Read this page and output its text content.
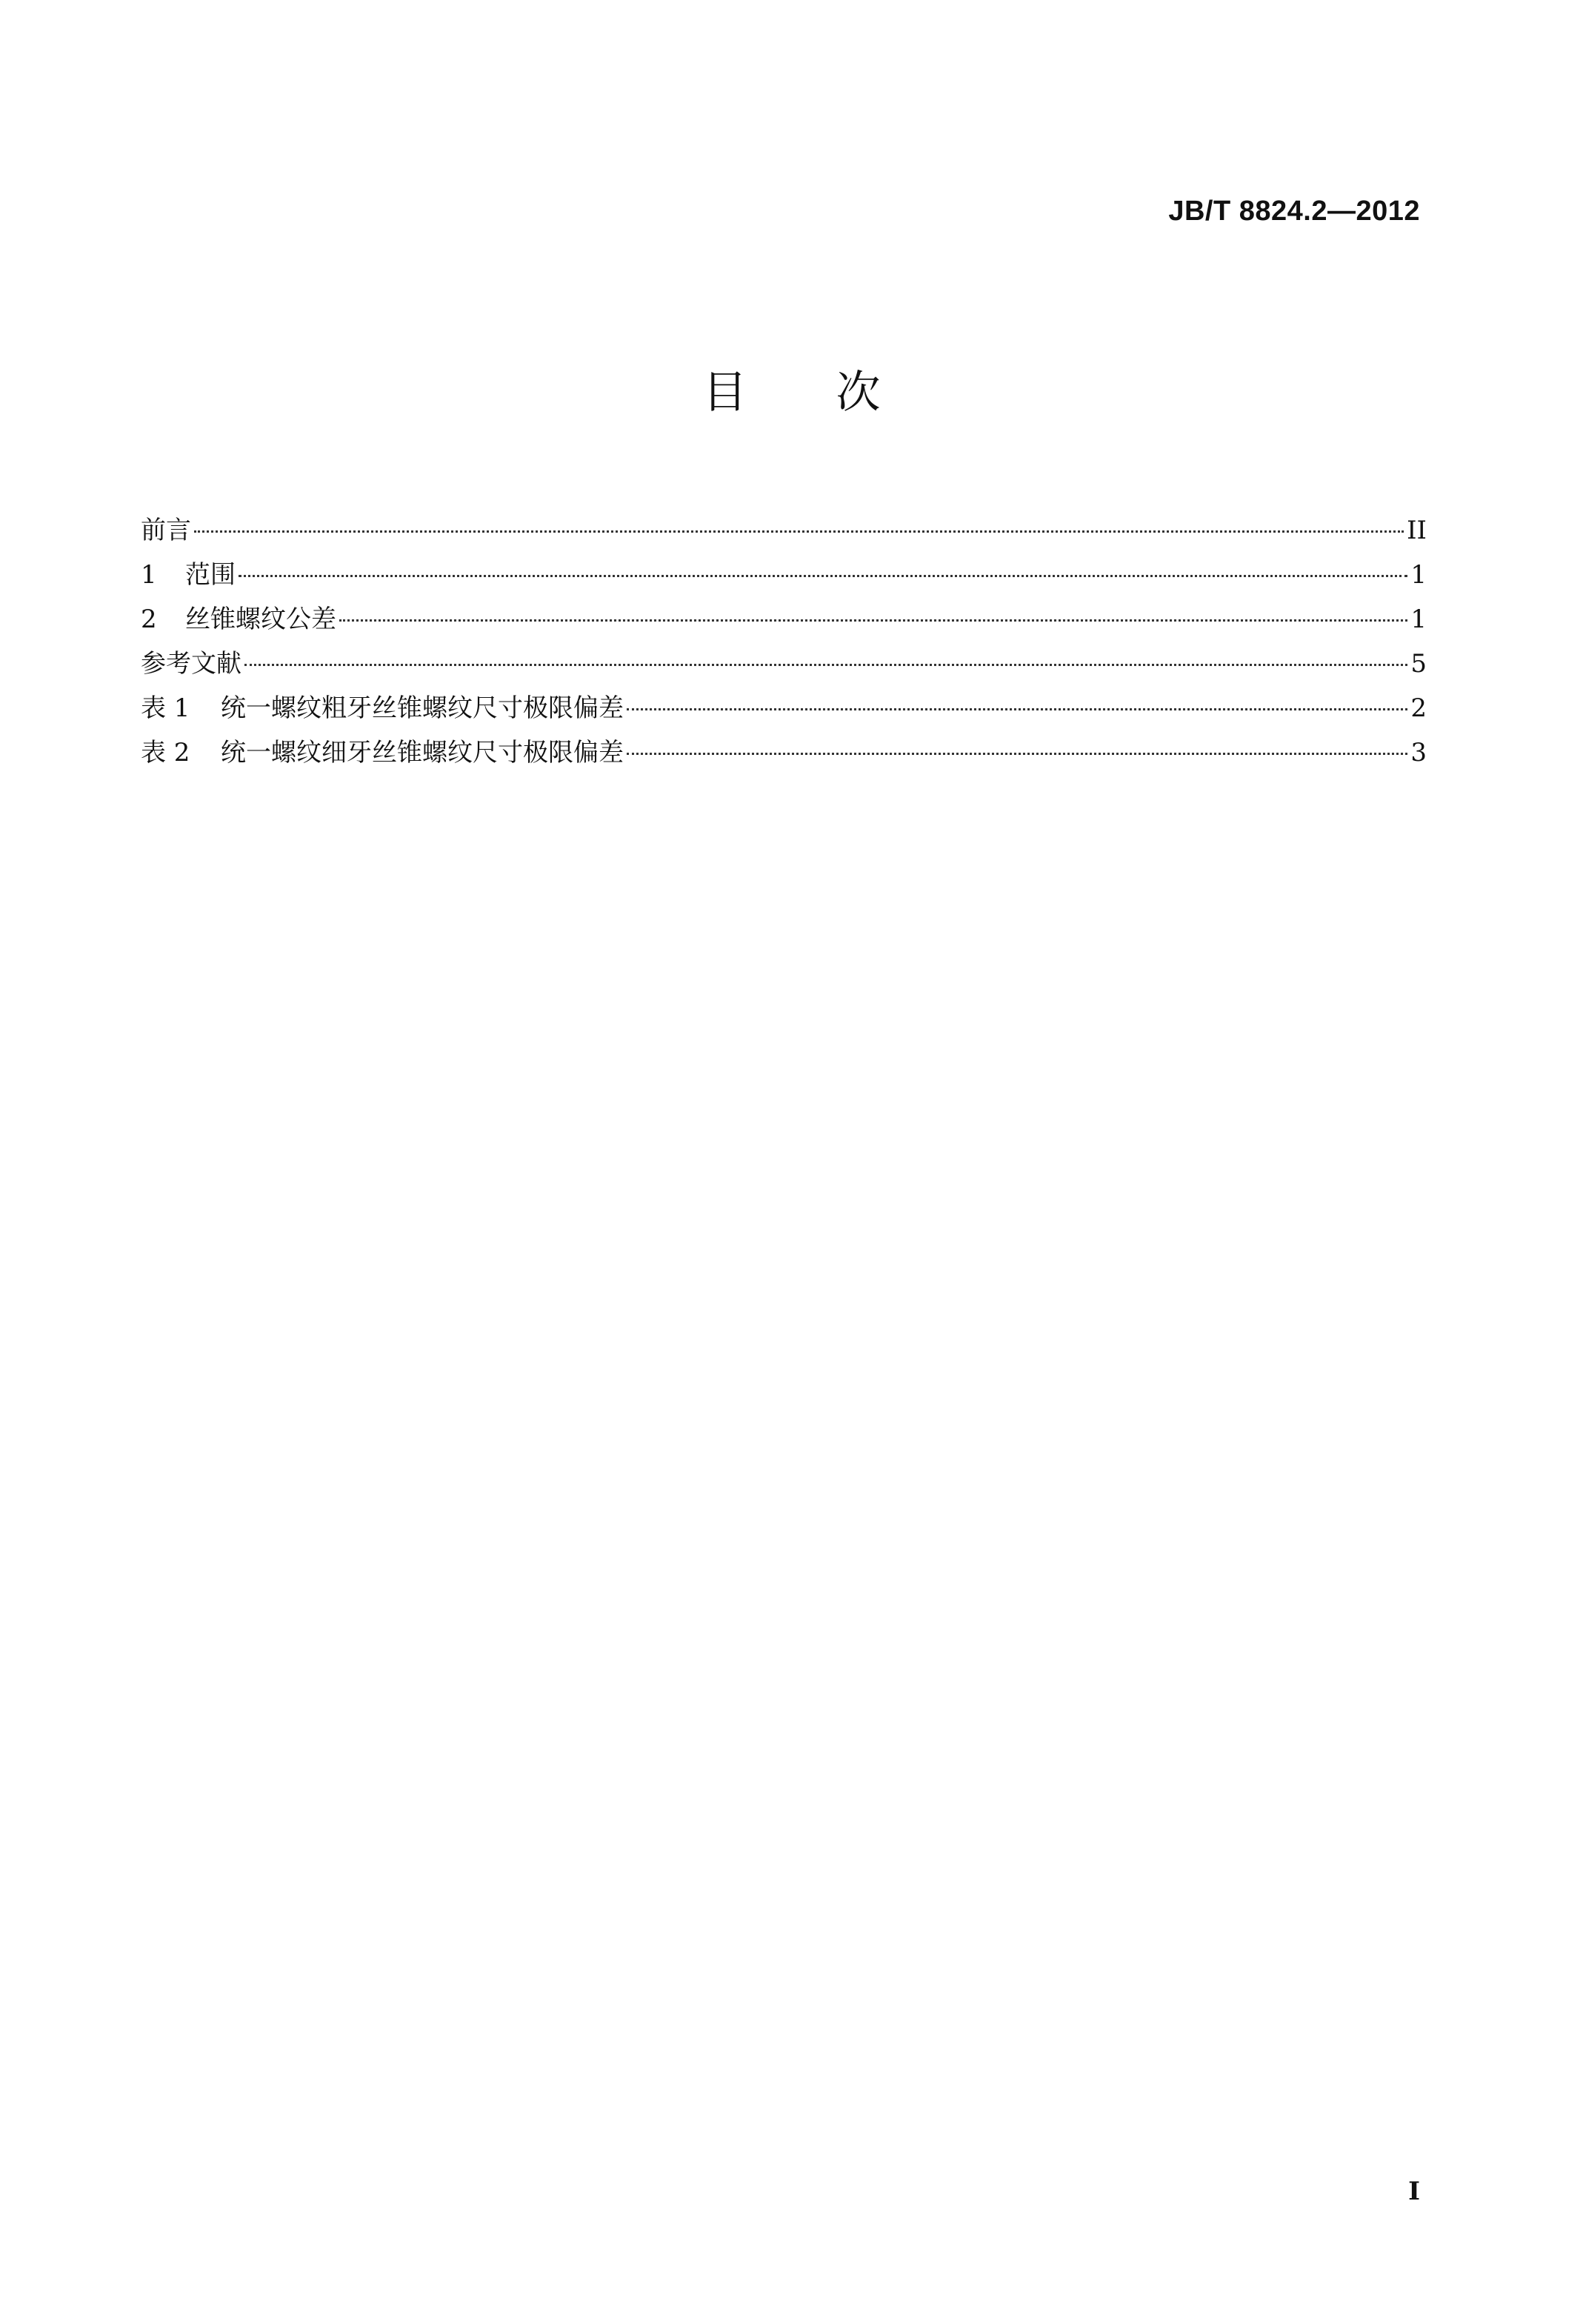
JB/T 8824.2—2012
目　　次
前言	II
1	范围	1
2	丝锥螺纹公差	1
参考文献	5
表 1	统一螺纹粗牙丝锥螺纹尺寸极限偏差	2
表 2	统一螺纹细牙丝锥螺纹尺寸极限偏差	3
I
